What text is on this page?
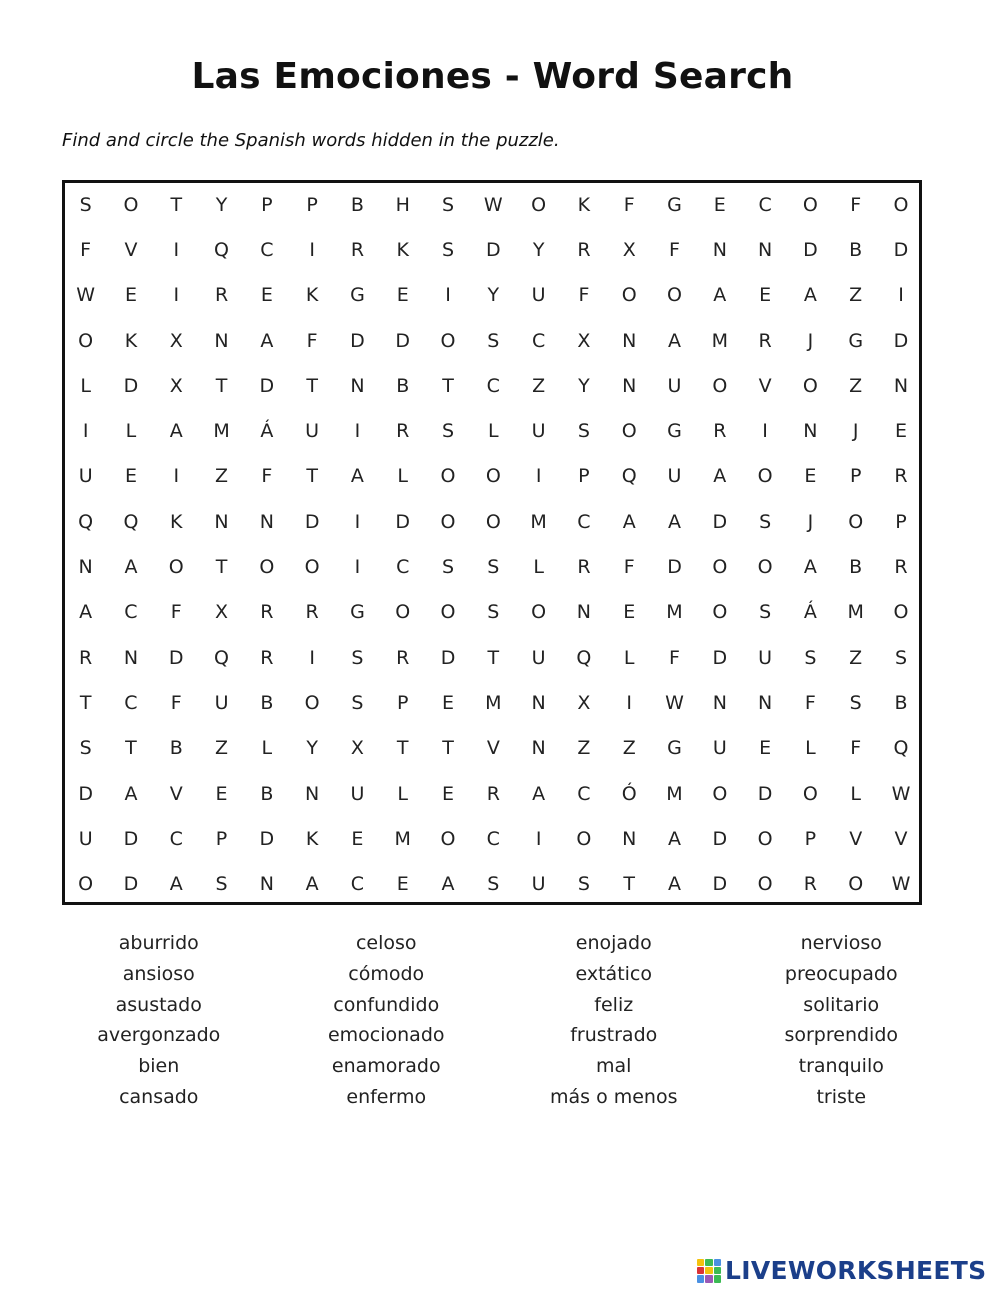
Las Emociones - Word Search
Find and circle the Spanish words hidden in the puzzle.
S	O	T	Y	P	P	B	H	S	W	O	K	F	G	E	C	O	F	O
F	V	I	Q	C	I	R	K	S	D	Y	R	X	F	N	N	D	B	D
W	E	I	R	E	K	G	E	I	Y	U	F	O	O	A	E	A	Z	I
O	K	X	N	A	F	D	D	O	S	C	X	N	A	M	R	J	G	D
L	D	X	T	D	T	N	B	T	C	Z	Y	N	U	O	V	O	Z	N
I	L	A	M	Á	U	I	R	S	L	U	S	O	G	R	I	N	J	E
U	E	I	Z	F	T	A	L	O	O	I	P	Q	U	A	O	E	P	R
Q	Q	K	N	N	D	I	D	O	O	M	C	A	A	D	S	J	O	P
N	A	O	T	O	O	I	C	S	S	L	R	F	D	O	O	A	B	R
A	C	F	X	R	R	G	O	O	S	O	N	E	M	O	S	Á	M	O
R	N	D	Q	R	I	S	R	D	T	U	Q	L	F	D	U	S	Z	S
T	C	F	U	B	O	S	P	E	M	N	X	I	W	N	N	F	S	B
S	T	B	Z	L	Y	X	T	T	V	N	Z	Z	G	U	E	L	F	Q
D	A	V	E	B	N	U	L	E	R	A	C	Ó	M	O	D	O	L	W
U	D	C	P	D	K	E	M	O	C	I	O	N	A	D	O	P	V	V
O	D	A	S	N	A	C	E	A	S	U	S	T	A	D	O	R	O	W
aburrido
ansioso
asustado
avergonzado
bien
cansado
celoso
cómodo
confundido
emocionado
enamorado
enfermo
enojado
extático
feliz
frustrado
mal
más o menos
nervioso
preocupado
solitario
sorprendido
tranquilo
triste
LIVEWORKSHEETS
